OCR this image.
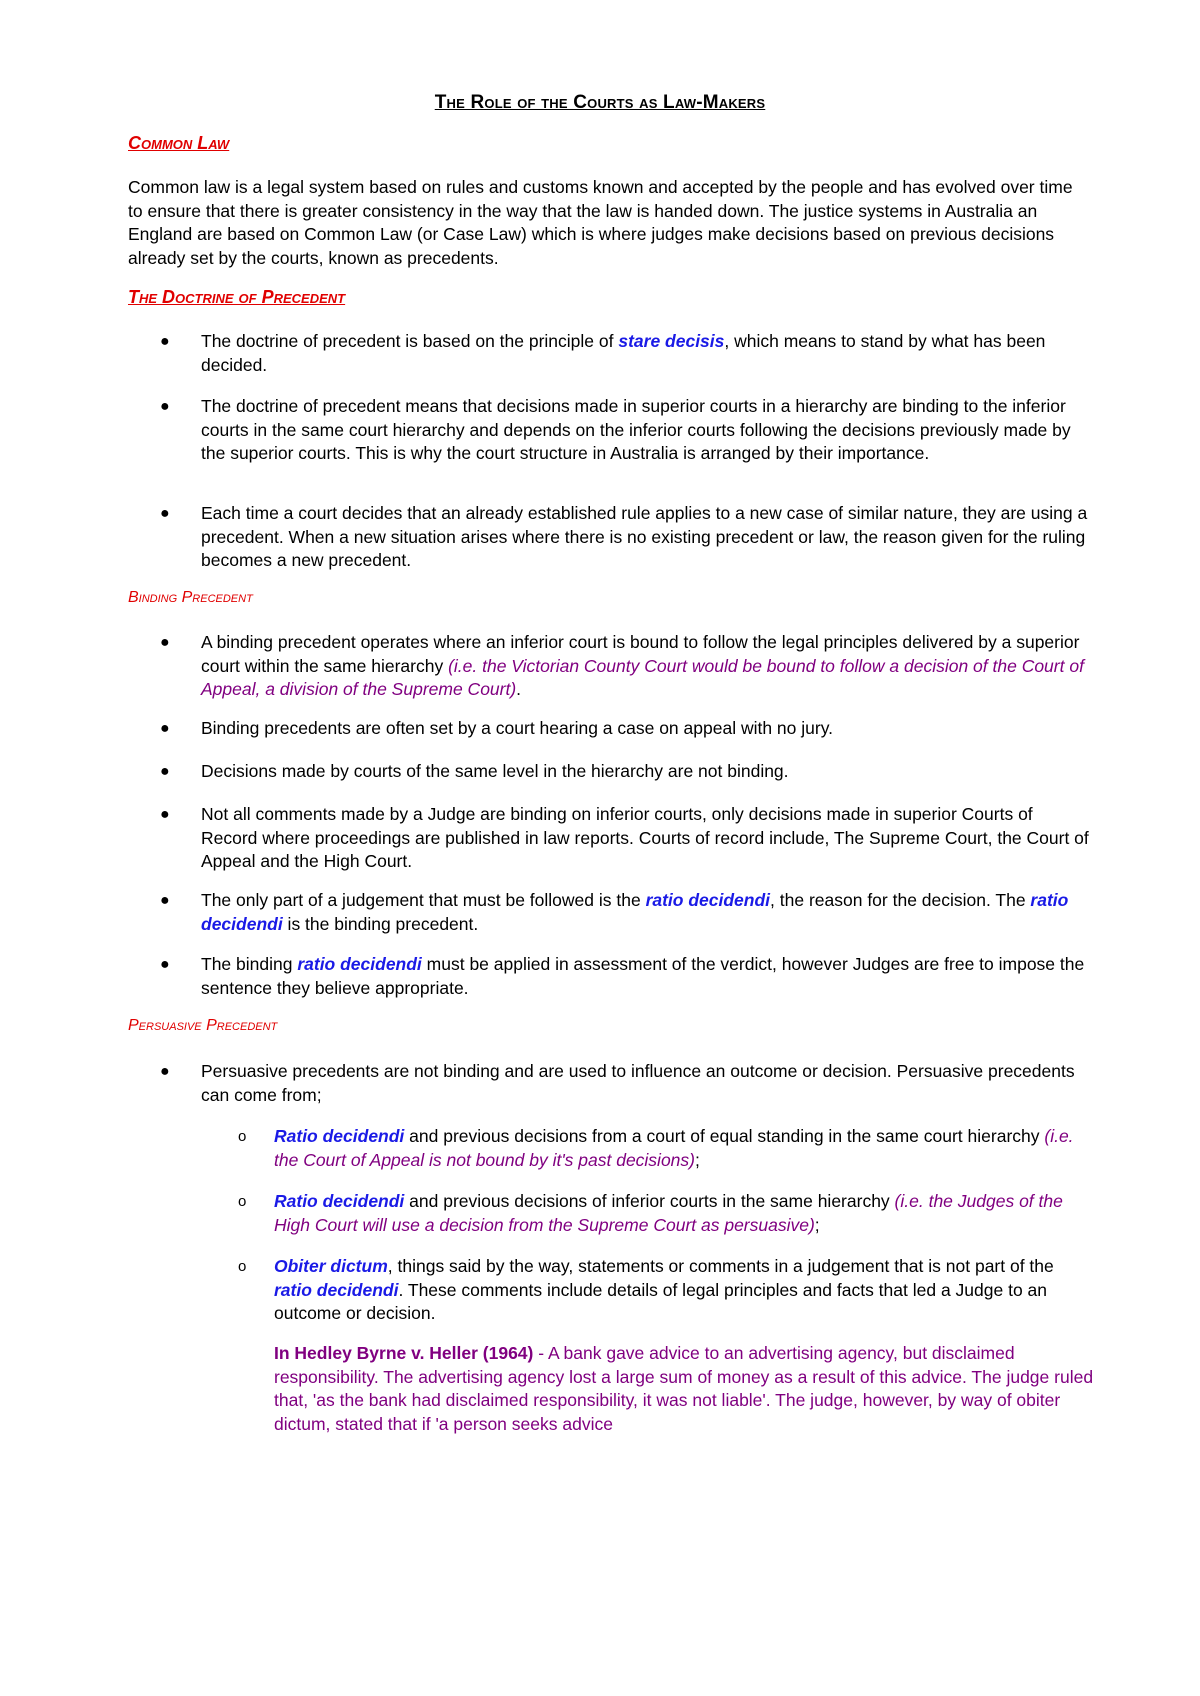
The Role of the Courts as Law-Makers
Common Law
Common law is a legal system based on rules and customs known and accepted by the people and has evolved over time to ensure that there is greater consistency in the way that the law is handed down. The justice systems in Australia an England are based on Common Law (or Case Law) which is where judges make decisions based on previous decisions already set by the courts, known as precedents.
The Doctrine of Precedent
● The doctrine of precedent is based on the principle of stare decisis, which means to stand by what has been decided.
● The doctrine of precedent means that decisions made in superior courts in a hierarchy are binding to the inferior courts in the same court hierarchy and depends on the inferior courts following the decisions previously made by the superior courts. This is why the court structure in Australia is arranged by their importance.
● Each time a court decides that an already established rule applies to a new case of similar nature, they are using a precedent. When a new situation arises where there is no existing precedent or law, the reason given for the ruling becomes a new precedent.
Binding Precedent
● A binding precedent operates where an inferior court is bound to follow the legal principles delivered by a superior court within the same hierarchy (i.e. the Victorian County Court would be bound to follow a decision of the Court of Appeal, a division of the Supreme Court).
● Binding precedents are often set by a court hearing a case on appeal with no jury.
● Decisions made by courts of the same level in the hierarchy are not binding.
● Not all comments made by a Judge are binding on inferior courts, only decisions made in superior Courts of Record where proceedings are published in law reports. Courts of record include, The Supreme Court, the Court of Appeal and the High Court.
● The only part of a judgement that must be followed is the ratio decidendi, the reason for the decision. The ratio decidendi is the binding precedent.
● The binding ratio decidendi must be applied in assessment of the verdict, however Judges are free to impose the sentence they believe appropriate.
Persuasive Precedent
● Persuasive precedents are not binding and are used to influence an outcome or decision. Persuasive precedents can come from;
o Ratio decidendi and previous decisions from a court of equal standing in the same court hierarchy (i.e. the Court of Appeal is not bound by it's past decisions);
o Ratio decidendi and previous decisions of inferior courts in the same hierarchy (i.e. the Judges of the High Court will use a decision from the Supreme Court as persuasive);
o Obiter dictum, things said by the way, statements or comments in a judgement that is not part of the ratio decidendi. These comments include details of legal principles and facts that led a Judge to an outcome or decision.
In Hedley Byrne v. Heller (1964) - A bank gave advice to an advertising agency, but disclaimed responsibility. The advertising agency lost a large sum of money as a result of this advice. The judge ruled that, 'as the bank had disclaimed responsibility, it was not liable'. The judge, however, by way of obiter dictum, stated that if 'a person seeks advice
